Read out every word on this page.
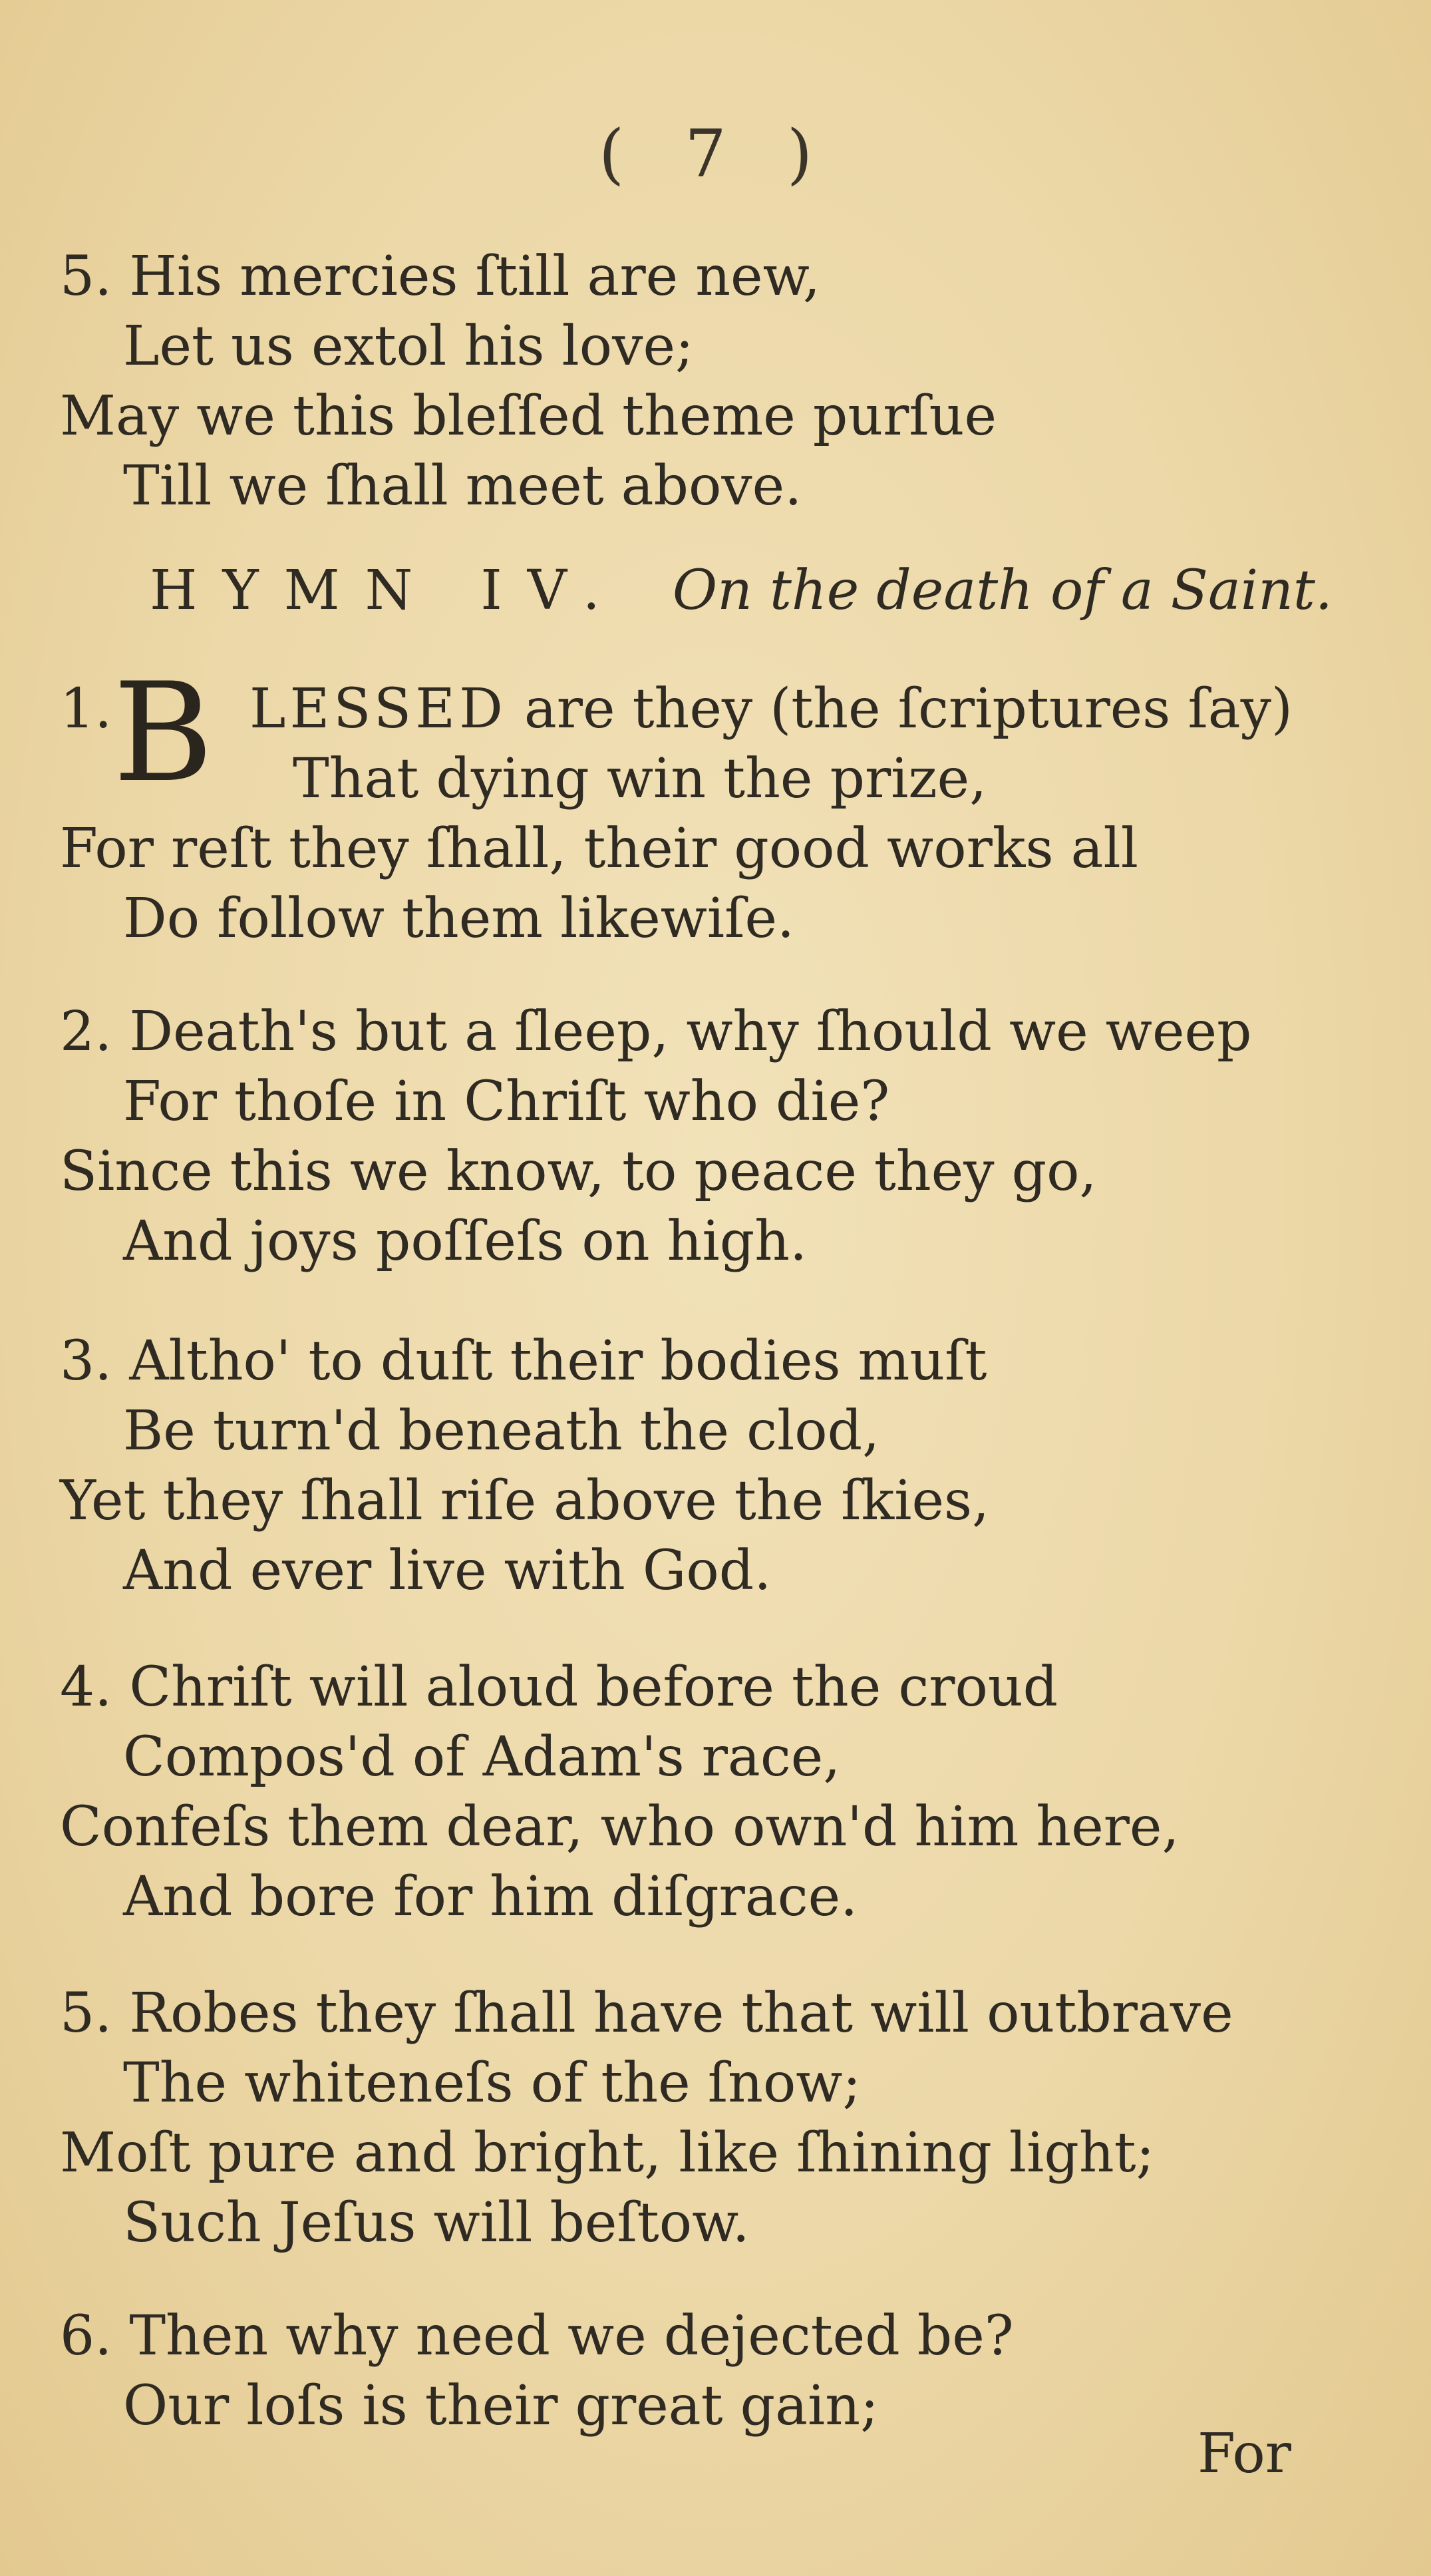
( 7 )
5. His mercies ſtill are new,
Let us extol his love;
May we this bleſſed theme purſue
Till we ſhall meet above.
HYMN IV. On the death of a Saint.
1. B LESSED are they (the ſcriptures ſay)
That dying win the prize,
For reſt they ſhall, their good works all
Do follow them likewiſe.
2. Death's but a ſleep, why ſhould we weep
For thoſe in Chriſt who die?
Since this we know, to peace they go,
And joys poſſeſs on high.
3. Altho' to duſt their bodies muſt
Be turn'd beneath the clod,
Yet they ſhall riſe above the ſkies,
And ever live with God.
4. Chriſt will aloud before the croud
Compos'd of Adam's race,
Confeſs them dear, who own'd him here,
And bore for him diſgrace.
5. Robes they ſhall have that will outbrave
The whiteneſs of the ſnow;
Moſt pure and bright, like ſhining light;
Such Jeſus will beſtow.
6. Then why need we dejected be?
Our loſs is their great gain;
For
